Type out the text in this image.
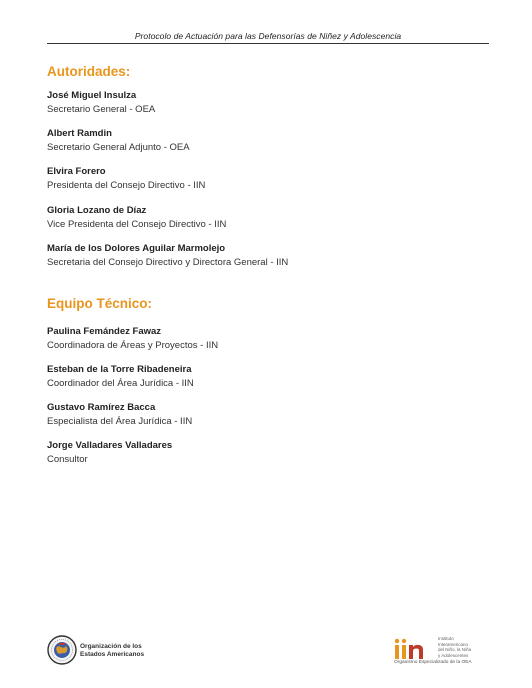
Protocolo de Actuación para las Defensorías de Niñez y Adolescencia
Autoridades:
José Miguel Insulza
Secretario General - OEA
Albert Ramdin
Secretario General Adjunto - OEA
Elvira Forero
Presidenta del Consejo Directivo - IIN
Gloria Lozano de Díaz
Vice Presidenta del Consejo Directivo - IIN
María de los Dolores Aguilar Marmolejo
Secretaria del Consejo Directivo y Directora General - IIN
Equipo Técnico:
Paulina Femández Fawaz
Coordinadora de Áreas y Proyectos - IIN
Esteban de la Torre Ribadeneira
Coordinador del Área Jurídica - IIN
Gustavo Ramírez Bacca
Especialista del Área Jurídica - IIN
Jorge Valladares Valladares
Consultor
Organización de los
Estados Americanos
Instituto
Interamericano
del Niño, la Niña
y Adolescentes
Organismo Especializado de la OEA
